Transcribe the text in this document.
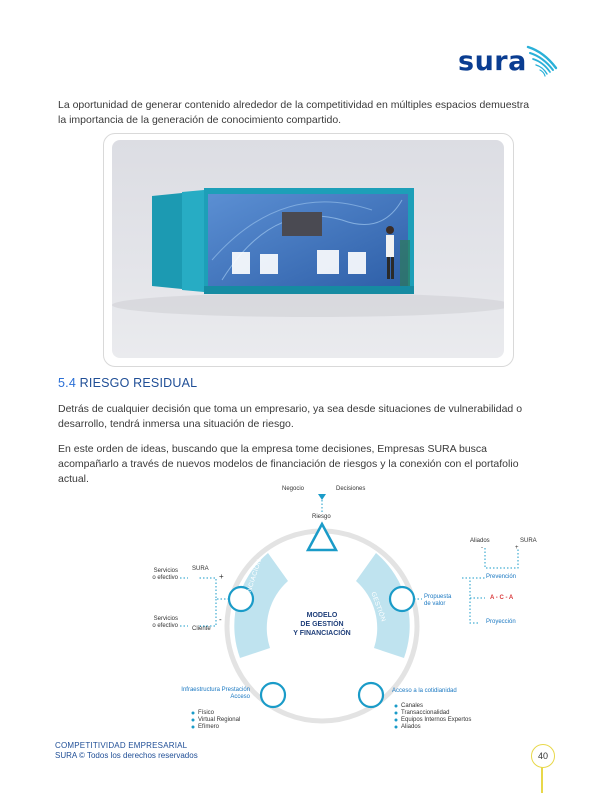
sura
La oportunidad de generar contenido alrededor de la competitividad en múltiples espacios demuestra la importancia de la generación de conocimiento compartido.
5.4 RIESGO RESIDUAL
Detrás de cualquier decisión que toma un empresario, ya sea desde situaciones de vulnerabilidad o desarrollo, tendrá inmersa una situación de riesgo.
En este orden de ideas, buscando que la empresa tome decisiones, Empresas SURA busca acompañarlo a través de nuevos modelos de financiación de riesgos y la conexión con el portafolio actual.
Negocio	Decisiones
Riesgo
MODELO
DE GESTIÓN
Y FINANCIACIÓN
FINANCIACIÓN	GESTIÓN
Servicios
o efectivo
SURA
+
Servicios
o efectivo Cliente
-
Aliados	SURA
-	+
Propuesta
de valor
Prevención
A - C - A
Proyección
Infraestructura Prestación
Acceso
Físico
Virtual Regional
Efímero
Acceso a la cotidianidad
Canales
Transaccionalidad
Equipos Internos Expertos
Aliados
COMPETITIVIDAD EMPRESARIAL
SURA © Todos los derechos reservados	40
